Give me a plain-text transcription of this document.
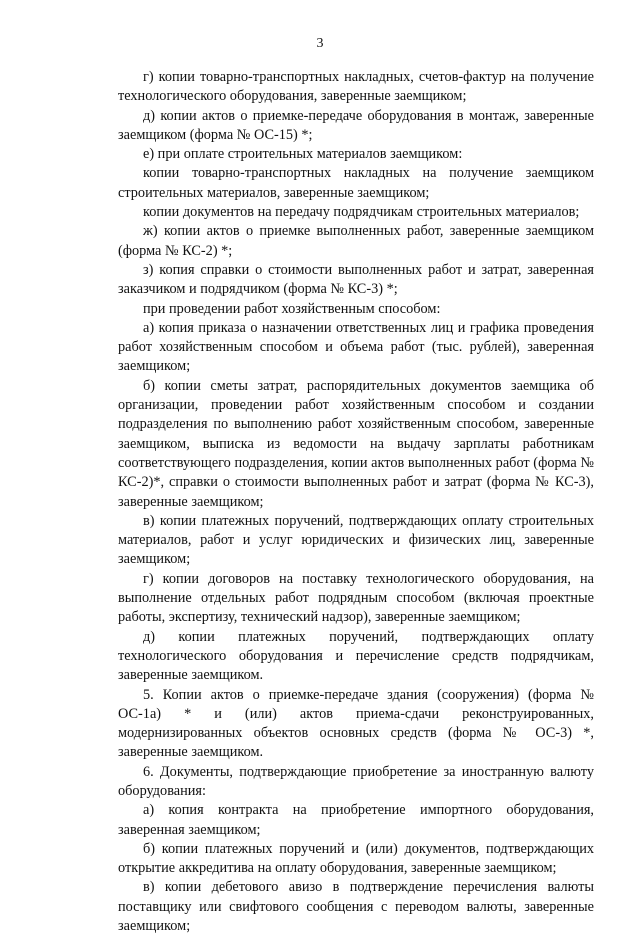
3

г) копии товарно-транспортных накладных, счетов-фактур на получение технологического оборудования, заверенные заемщиком;

д) копии актов о приемке-передаче оборудования в монтаж, заверенные заемщиком (форма № ОС-15) *;

е) при оплате строительных материалов заемщиком:

копии товарно-транспортных накладных на получение заемщиком строительных материалов, заверенные заемщиком;

копии документов на передачу подрядчикам строительных материалов;

ж) копии актов о приемке выполненных работ, заверенные заемщиком (форма № КС-2) *;

з) копия справки о стоимости выполненных работ и затрат, заверенная заказчиком и подрядчиком (форма № КС-3) *;

при проведении работ хозяйственным способом:

а) копия приказа о назначении ответственных лиц и графика проведения работ хозяйственным способом и объема работ (тыс. рублей), заверенная заемщиком;

б) копии сметы затрат, распорядительных документов заемщика об организации, проведении работ хозяйственным способом и создании подразделения по выполнению работ хозяйственным способом, заверенные заемщиком, выписка из ведомости на выдачу зарплаты работникам соответствующего подразделения, копии актов выполненных работ (форма № КС-2)*, справки о стоимости выполненных работ и затрат (форма № КС-3), заверенные заемщиком;

в) копии платежных поручений, подтверждающих оплату строительных материалов, работ и услуг юридических и физических лиц, заверенные заемщиком;

г) копии договоров на поставку технологического оборудования, на выполнение отдельных работ подрядным способом (включая проектные работы, экспертизу, технический надзор), заверенные заемщиком;

д) копии платежных поручений, подтверждающих оплату технологического оборудования и перечисление средств подрядчикам, заверенные заемщиком.

5. Копии актов о приемке-передаче здания (сооружения) (форма № ОС-1а) * и (или) актов приема-сдачи реконструированных, модернизированных объектов основных средств (форма № ОС-3) *, заверенные заемщиком.

6. Документы, подтверждающие приобретение за иностранную валюту оборудования:

а) копия контракта на приобретение импортного оборудования, заверенная заемщиком;

б) копии платежных поручений и (или) документов, подтверждающих открытие аккредитива на оплату оборудования, заверенные заемщиком;

в) копии дебетового авизо в подтверждение перечисления валюты поставщику или свифтового сообщения с переводом валюты, заверенные заемщиком;
